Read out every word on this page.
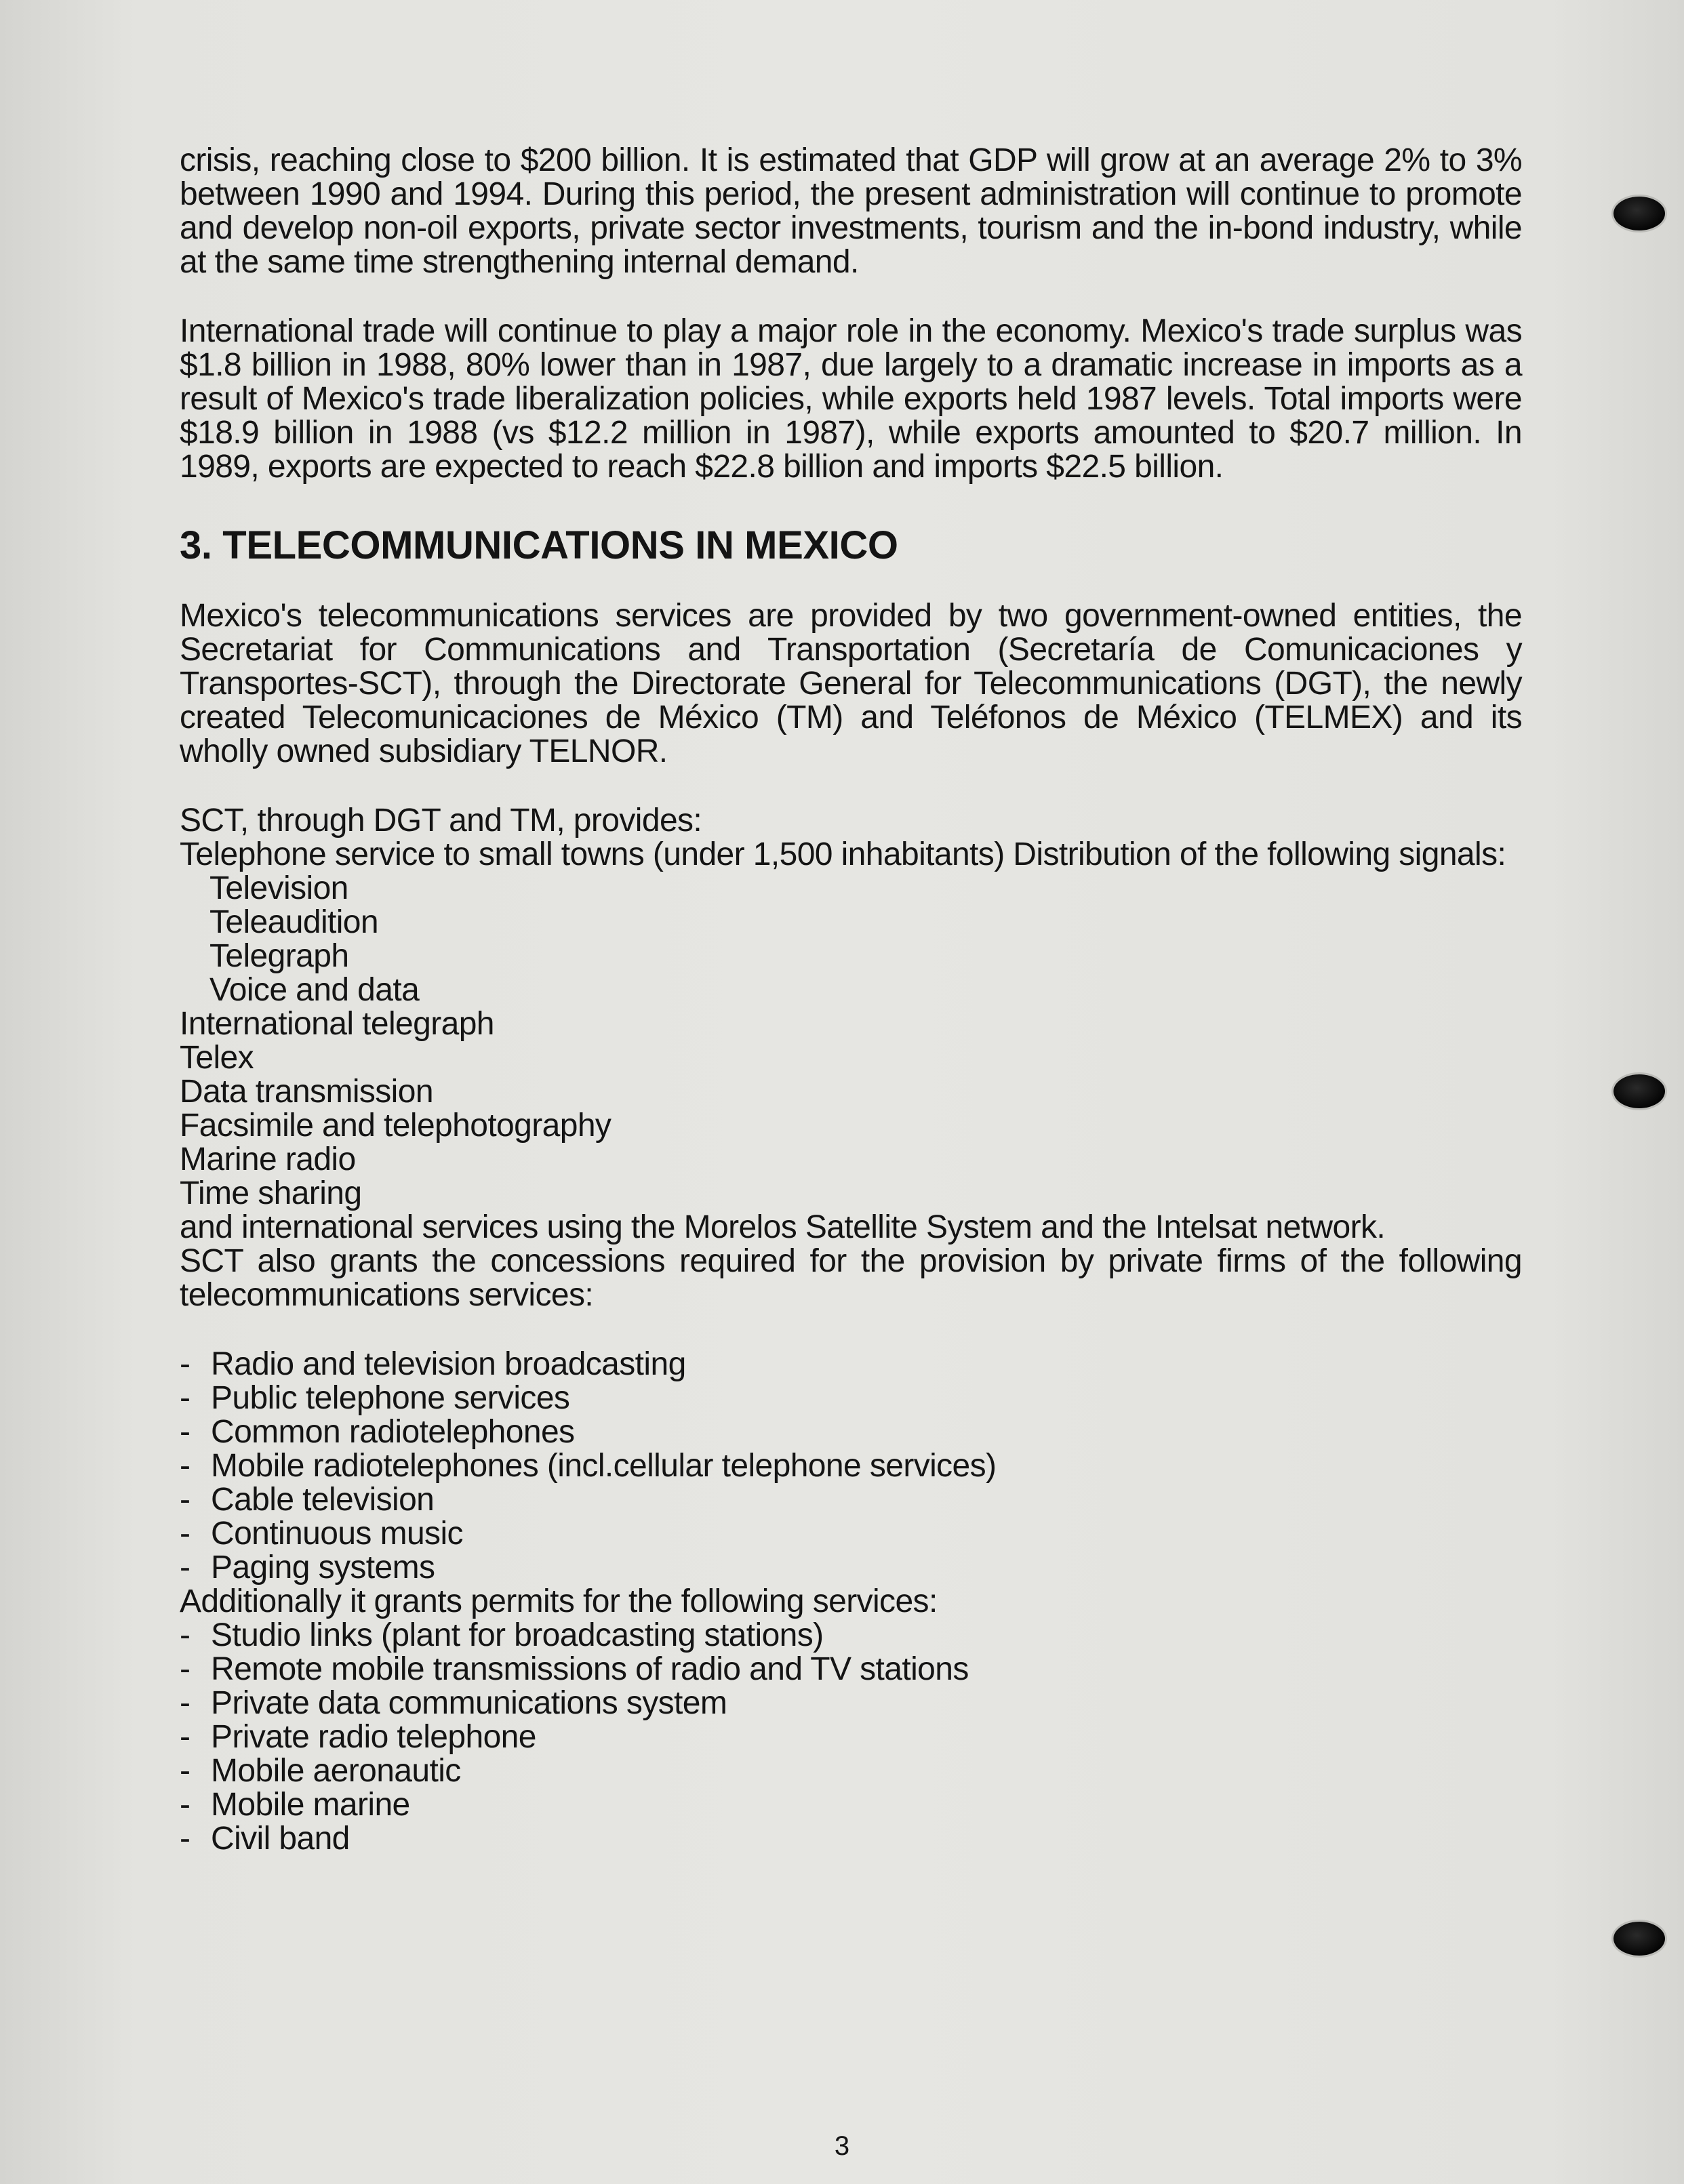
crisis, reaching close to $200 billion. It is estimated that GDP will grow at an average 2% to 3% between 1990 and 1994. During this period, the present administration will continue to promote and develop non-oil exports, private sector investments, tourism and the in-bond industry, while at the same time strengthening internal demand.

International trade will continue to play a major role in the economy. Mexico's trade surplus was $1.8 billion in 1988, 80% lower than in 1987, due largely to a dramatic increase in imports as a result of Mexico's trade liberalization policies, while exports held 1987 levels. Total imports were $18.9 billion in 1988 (vs $12.2 million in 1987), while exports amounted to $20.7 million. In 1989, exports are expected to reach $22.8 billion and imports $22.5 billion.

3. TELECOMMUNICATIONS IN MEXICO

Mexico's telecommunications services are provided by two government-owned entities, the Secretariat for Communications and Transportation (Secretaría de Comunicaciones y Transportes-SCT), through the Directorate General for Telecommunications (DGT), the newly created Telecomunicaciones de México (TM) and Teléfonos de México (TELMEX) and its wholly owned subsidiary TELNOR.

SCT, through DGT and TM, provides:

Telephone service to small towns (under 1,500 inhabitants) Distribution of the following signals:

Television

Teleaudition

Telegraph

Voice and data

International telegraph

Telex

Data transmission

Facsimile and telephotography

Marine radio

Time sharing

and international services using the Morelos Satellite System and the Intelsat network.

SCT also grants the concessions required for the provision by private firms of the following telecommunications services:

- Radio and television broadcasting
- Public telephone services
- Common radiotelephones
- Mobile radiotelephones (incl.cellular telephone services)
- Cable television
- Continuous music
- Paging systems

Additionally it grants permits for the following services:

- Studio links (plant for broadcasting stations)
- Remote mobile transmissions of radio and TV stations
- Private data communications system
- Private radio telephone
- Mobile aeronautic
- Mobile marine
- Civil band
3
